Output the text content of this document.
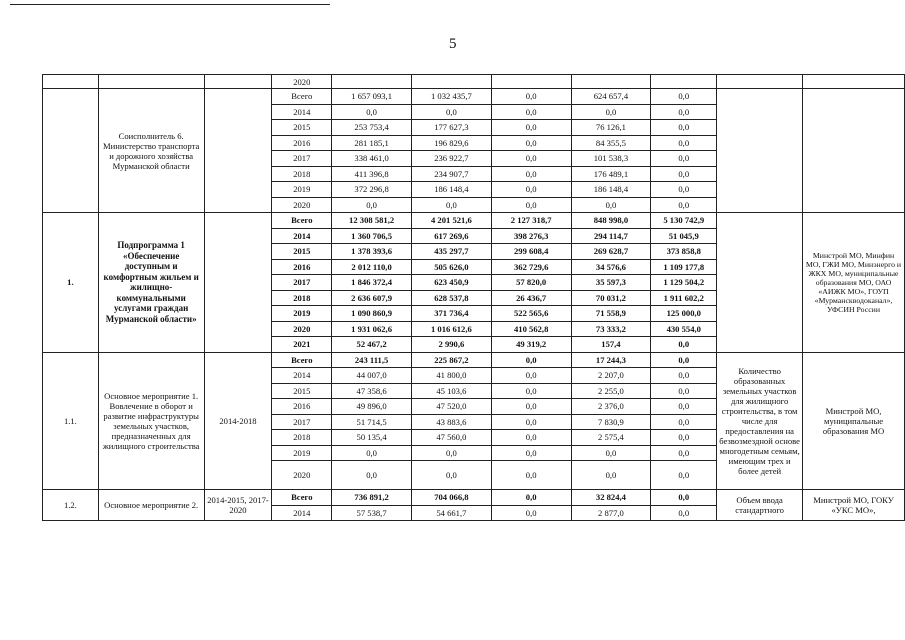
5
			2020							
	Соисполнитель 6. Министерство транспорта и дорожного хозяйства Мурманской области		Всего	1 657 093,1	1 032 435,7	0,0	624 657,4	0,0		
			2014	0,0	0,0	0,0	0,0	0,0		
			2015	253 753,4	177 627,3	0,0	76 126,1	0,0		
			2016	281 185,1	196 829,6	0,0	84 355,5	0,0		
			2017	338 461,0	236 922,7	0,0	101 538,3	0,0		
			2018	411 396,8	234 907,7	0,0	176 489,1	0,0		
			2019	372 296,8	186 148,4	0,0	186 148,4	0,0		
			2020	0,0	0,0	0,0	0,0	0,0		
1.	Подпрограмма 1 «Обеспечение доступным и комфортным жильем и жилищно-коммунальными услугами граждан Мурманской области»		Всего	12 308 581,2	4 201 521,6	2 127 318,7	848 998,0	5 130 742,9		Минстрой МО, Минфин МО, ГЖИ МО, Минэнерго и ЖКХ МО, муниципальные образования МО, ОАО «АИЖК МО», ГОУП «Мурманскводоканал», УФСИН России
			2014	1 360 706,5	617 269,6	398 276,3	294 114,7	51 045,9		
			2015	1 378 393,6	435 297,7	299 608,4	269 628,7	373 858,8		
			2016	2 012 110,0	505 626,0	362 729,6	34 576,6	1 109 177,8		
			2017	1 846 372,4	623 450,9	57 820,0	35 597,3	1 129 504,2		
			2018	2 636 607,9	628 537,8	26 436,7	70 031,2	1 911 602,2		
			2019	1 090 860,9	371 736,4	522 565,6	71 558,9	125 000,0		
			2020	1 931 062,6	1 016 612,6	410 562,8	73 333,2	430 554,0		
			2021	52 467,2	2 990,6	49 319,2	157,4	0,0		
1.1.	Основное мероприятие 1. Вовлечение в оборот и развитие инфраструктуры земельных участков, предназначенных для жилищного строительства	2014-2018	Всего	243 111,5	225 867,2	0,0	17 244,3	0,0	Количество образованных земельных участков для жилищного строительства, в том числе для предоставления на безвозмездной основе многодетным семьям, имеющим трех и более детей	Минстрой МО, муниципальные образования МО
			2014	44 007,0	41 800,0	0,0	2 207,0	0,0		
			2015	47 358,6	45 103,6	0,0	2 255,0	0,0		
			2016	49 896,0	47 520,0	0,0	2 376,0	0,0		
			2017	51 714,5	43 883,6	0,0	7 830,9	0,0		
			2018	50 135,4	47 560,0	0,0	2 575,4	0,0		
			2019	0,0	0,0	0,0	0,0	0,0		
			2020	0,0	0,0	0,0	0,0	0,0		
1.2.	Основное мероприятие 2.	2014-2015, 2017-2020	Всего	736 891,2	704 066,8	0,0	32 824,4	0,0	Объем ввода стандартного	Минстрой МО, ГОКУ «УКС МО»,
			2014	57 538,7	54 661,7	0,0	2 877,0	0,0		
